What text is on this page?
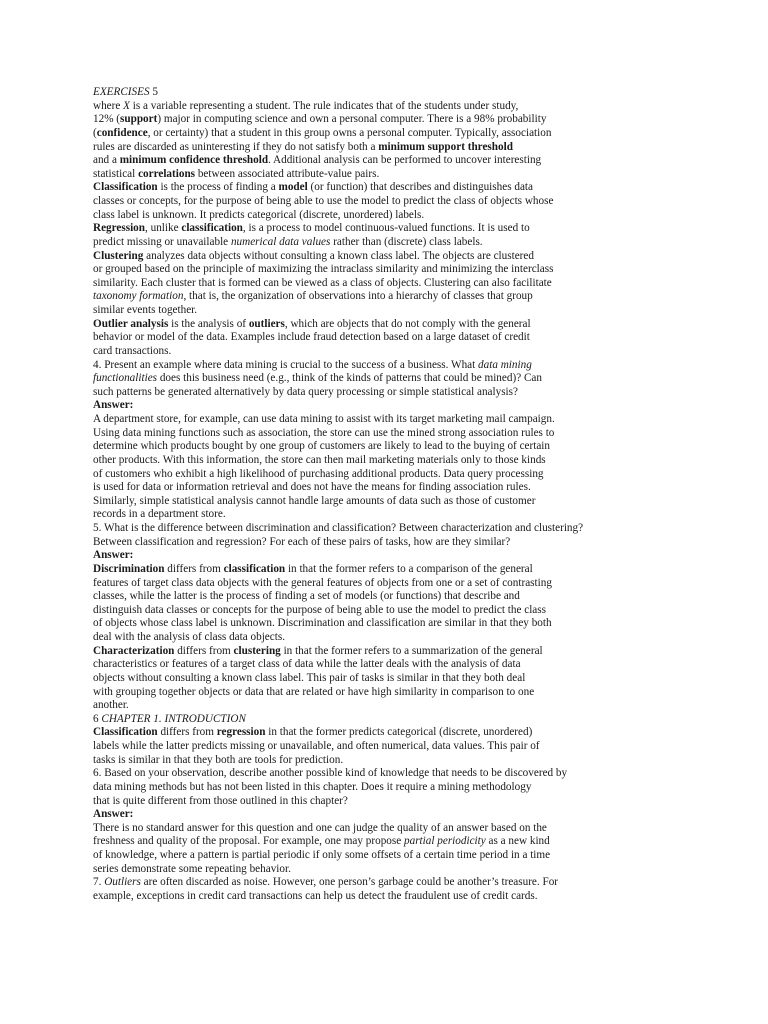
EXERCISES 5
where X is a variable representing a student. The rule indicates that of the students under study,
12% (support) major in computing science and own a personal computer. There is a 98% probability
(confidence, or certainty) that a student in this group owns a personal computer. Typically, association
rules are discarded as uninteresting if they do not satisfy both a minimum support threshold
and a minimum confidence threshold. Additional analysis can be performed to uncover interesting
statistical correlations between associated attribute-value pairs.
Classification is the process of finding a model (or function) that describes and distinguishes data
classes or concepts, for the purpose of being able to use the model to predict the class of objects whose
class label is unknown. It predicts categorical (discrete, unordered) labels.
Regression, unlike classification, is a process to model continuous-valued functions. It is used to
predict missing or unavailable numerical data values rather than (discrete) class labels.
Clustering analyzes data objects without consulting a known class label. The objects are clustered
or grouped based on the principle of maximizing the intraclass similarity and minimizing the interclass
similarity. Each cluster that is formed can be viewed as a class of objects. Clustering can also facilitate
taxonomy formation, that is, the organization of observations into a hierarchy of classes that group
similar events together.
Outlier analysis is the analysis of outliers, which are objects that do not comply with the general
behavior or model of the data. Examples include fraud detection based on a large dataset of credit
card transactions.
4. Present an example where data mining is crucial to the success of a business. What data mining
functionalities does this business need (e.g., think of the kinds of patterns that could be mined)? Can
such patterns be generated alternatively by data query processing or simple statistical analysis?
Answer:
A department store, for example, can use data mining to assist with its target marketing mail campaign.
Using data mining functions such as association, the store can use the mined strong association rules to
determine which products bought by one group of customers are likely to lead to the buying of certain
other products. With this information, the store can then mail marketing materials only to those kinds
of customers who exhibit a high likelihood of purchasing additional products. Data query processing
is used for data or information retrieval and does not have the means for finding association rules.
Similarly, simple statistical analysis cannot handle large amounts of data such as those of customer
records in a department store.
5. What is the difference between discrimination and classification? Between characterization and clustering?
Between classification and regression? For each of these pairs of tasks, how are they similar?
Answer:
Discrimination differs from classification in that the former refers to a comparison of the general
features of target class data objects with the general features of objects from one or a set of contrasting
classes, while the latter is the process of finding a set of models (or functions) that describe and
distinguish data classes or concepts for the purpose of being able to use the model to predict the class
of objects whose class label is unknown. Discrimination and classification are similar in that they both
deal with the analysis of class data objects.
Characterization differs from clustering in that the former refers to a summarization of the general
characteristics or features of a target class of data while the latter deals with the analysis of data
objects without consulting a known class label. This pair of tasks is similar in that they both deal
with grouping together objects or data that are related or have high similarity in comparison to one
another.
6 CHAPTER 1. INTRODUCTION
Classification differs from regression in that the former predicts categorical (discrete, unordered)
labels while the latter predicts missing or unavailable, and often numerical, data values. This pair of
tasks is similar in that they both are tools for prediction.
6. Based on your observation, describe another possible kind of knowledge that needs to be discovered by
data mining methods but has not been listed in this chapter. Does it require a mining methodology
that is quite different from those outlined in this chapter?
Answer:
There is no standard answer for this question and one can judge the quality of an answer based on the
freshness and quality of the proposal. For example, one may propose partial periodicity as a new kind
of knowledge, where a pattern is partial periodic if only some offsets of a certain time period in a time
series demonstrate some repeating behavior.
7. Outliers are often discarded as noise. However, one person’s garbage could be another’s treasure. For
example, exceptions in credit card transactions can help us detect the fraudulent use of credit cards.
